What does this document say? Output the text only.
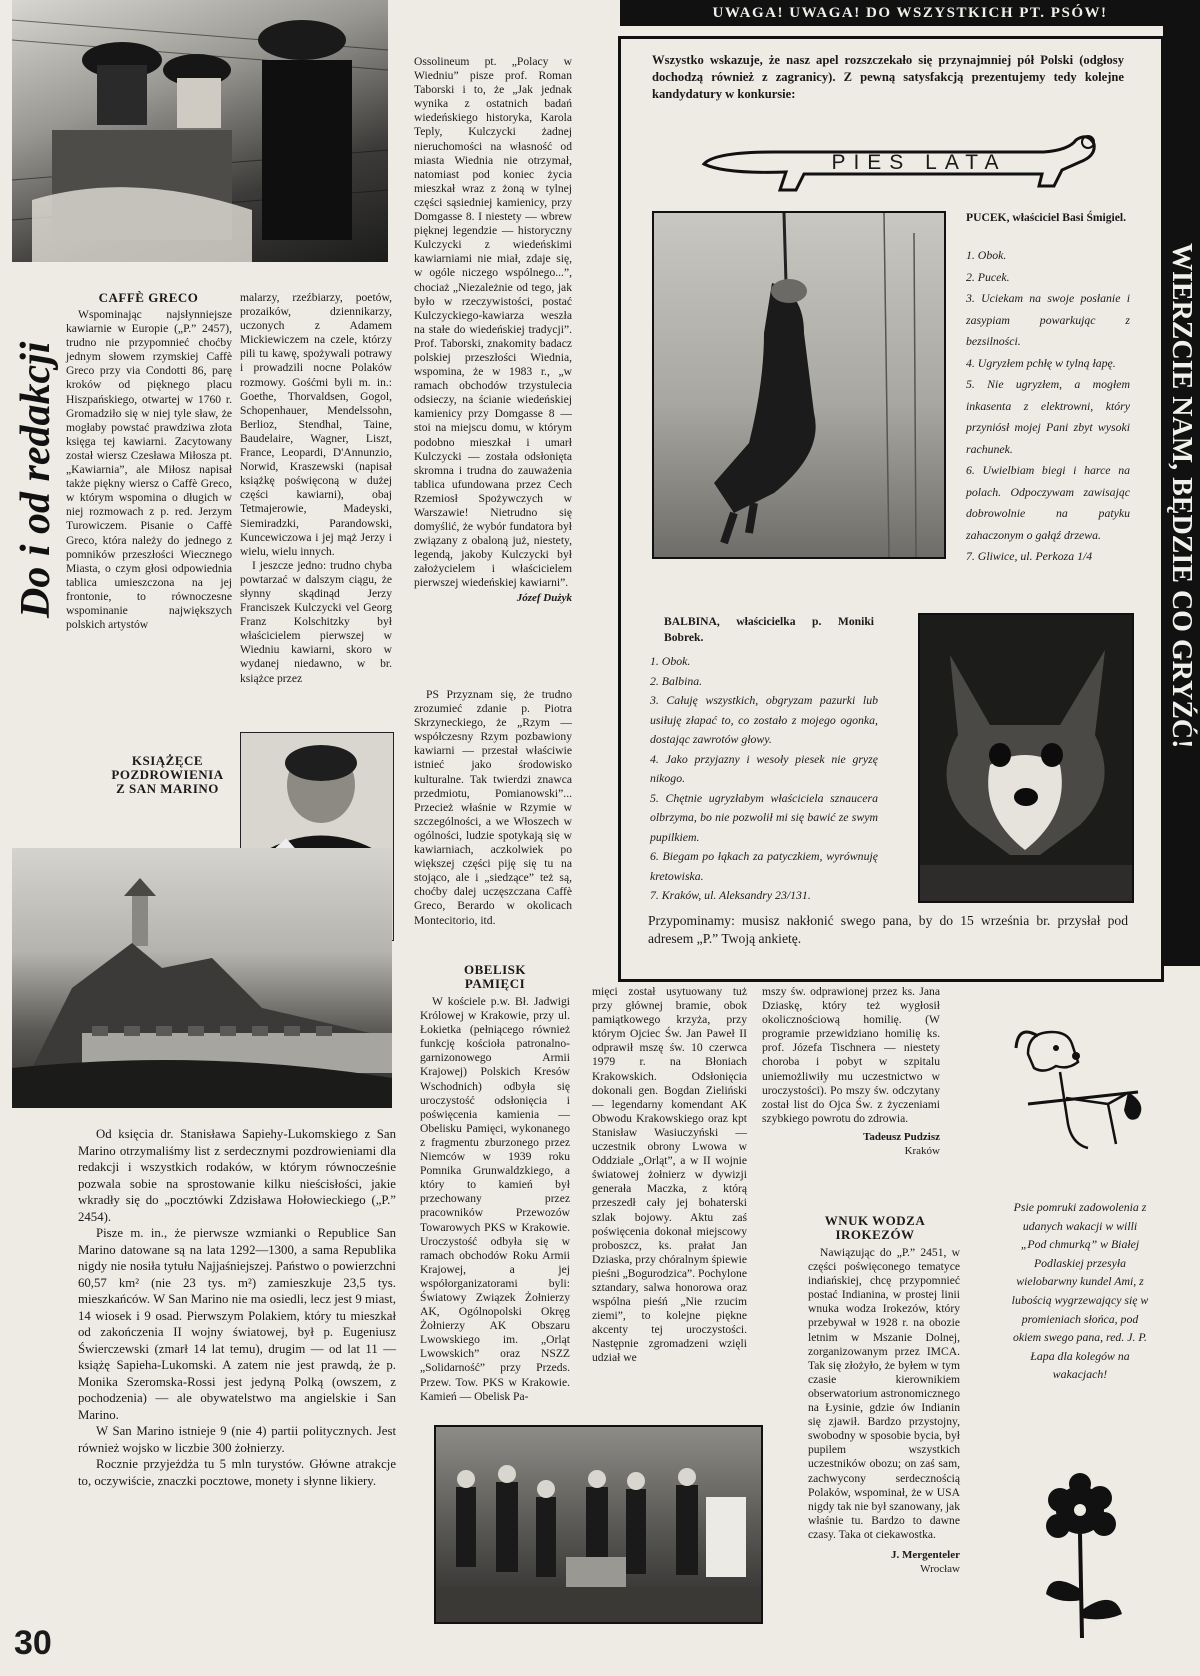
Do i od redakcji
CAFFÈ GRECO

Wspominając najsłynniejsze kawiarnie w Europie („P.” 2457), trudno nie przypomnieć choćby jednym słowem rzymskiej Caffè Greco przy via Condotti 86, parę kroków od pięknego placu Hiszpańskiego, otwartej w 1760 r. Gromadziło się w niej tyle sław, że mogłaby powstać prawdziwa złota księga tej kawiarni. Zacytowany został wiersz Czesława Miłosza pt. „Kawiarnia”, ale Miłosz napisał także piękny wiersz o Caffè Greco, w którym wspomina o długich w niej rozmowach z p. red. Jerzym Turowiczem. Pisanie o Caffè Greco, która należy do jednego z pomników przeszłości Wiecznego Miasta, o czym głosi odpowiednia tablica umieszczona na jej frontonie, to równoczesne wspominanie największych polskich artystów

malarzy, rzeźbiarzy, poetów, prozaików, dziennikarzy, uczonych z Adamem Mickiewiczem na czele, którzy pili tu kawę, spożywali potrawy i prowadzili nocne Polaków rozmowy. Gośćmi byli m. in.: Goethe, Thorvaldsen, Gogol, Schopenhauer, Mendelssohn, Berlioz, Stendhal, Taine, Baudelaire, Wagner, Liszt, France, Leopardi, D'Annunzio, Norwid, Kraszewski (napisał książkę poświęconą w dużej części kawiarni), obaj Tetmajerowie, Madeyski, Siemiradzki, Parandowski, Kuncewiczowa i jej mąż Jerzy i wielu, wielu innych.

I jeszcze jedno: trudno chyba powtarzać w dalszym ciągu, że słynny skądinąd Jerzy Franciszek Kulczycki vel Georg Franz Kolschitzky był właścicielem pierwszej w Wiedniu kawiarni, skoro w wydanej niedawno, w br. książce przez

Ossolineum pt. „Polacy w Wiedniu” pisze prof. Roman Taborski i to, że „Jak jednak wynika z ostatnich badań wiedeńskiego historyka, Karola Teply, Kulczycki żadnej nieruchomości na własność od miasta Wiednia nie otrzymał, natomiast pod koniec życia mieszkał wraz z żoną w tylnej części sąsiedniej kamienicy, przy Domgasse 8. I niestety — wbrew pięknej legendzie — historyczny Kulczycki z wiedeńskimi kawiarniami nie miał, zdaje się, w ogóle niczego wspólnego...”, chociaż „Niezależnie od tego, jak było w rzeczywistości, postać Kulczyckiego-kawiarza weszła na stałe do wiedeńskiej tradycji”. Prof. Taborski, znakomity badacz polskiej przeszłości Wiednia, wspomina, że w 1983 r., „w ramach obchodów trzystulecia odsieczy, na ścianie wiedeńskiej kamienicy przy Domgasse 8 — stoi na miejscu domu, w którym podobno mieszkał i umarł Kulczycki — została odsłonięta skromna i trudna do zauważenia tablica ufundowana przez Cech Rzemiosł Spożywczych w Warszawie! Nietrudno się domyślić, że wybór fundatora był związany z obaloną już, niestety, legendą, jakoby Kulczycki był założycielem i właścicielem pierwszej wiedeńskiej kawiarni”.

Józef Dużyk

PS Przyznam się, że trudno zrozumieć zdanie p. Piotra Skrzyneckiego, że „Rzym — współczesny Rzym pozbawiony kawiarni — przestał właściwie istnieć jako środowisko kulturalne. Tak twierdzi znawca przedmiotu, Pomianowski”... Przecież właśnie w Rzymie w szczególności, a we Włoszech w ogólności, ludzie spotykają się w kawiarniach, aczkolwiek po większej części piję się tu na stojąco, ale i „siedzące” też są, choćby dalej uczęszczana Caffè Greco, Berardo w okolicach Montecitorio, itd.

KSIĄŻĘCE
POZDROWIENIA
Z SAN MARINO

Od księcia dr. Stanisława Sapiehy-Lukomskiego z San Marino otrzymaliśmy list z serdecznymi pozdrowieniami dla redakcji i wszystkich rodaków, w którym równocześnie pozwala sobie na sprostowanie kilku nieścisłości, jakie wkradły się do „pocztówki Zdzisława Hołowieckiego („P.” 2454).

Pisze m. in., że pierwsze wzmianki o Republice San Marino datowane są na lata 1292—1300, a sama Republika nigdy nie nosiła tytułu Najjaśniejszej. Państwo o powierzchni 60,57 km² (nie 23 tys. m²) zamieszkuje 23,5 tys. mieszkańców. W San Marino nie ma osiedli, lecz jest 9 miast, 14 wiosek i 9 osad. Pierwszym Polakiem, który tu mieszkał od zakończenia II wojny światowej, był p. Eugeniusz Świerczewski (zmarł 14 lat temu), drugim — od lat 11 — książę Sapieha-Lukomski. A zatem nie jest prawdą, że p. Monika Szeromska-Rossi jest jedyną Polką (owszem, z pochodzenia) — ale obywatelstwo ma angielskie i San Marino.

W San Marino istnieje 9 (nie 4) partii politycznych. Jest również wojsko w liczbie 300 żołnierzy.

Rocznie przyjeżdża tu 5 mln turystów. Główne atrakcje to, oczywiście, znaczki pocztowe, monety i słynne likiery.

30
OBELISK
PAMIĘCI

W kościele p.w. Bł. Jadwigi Królowej w Krakowie, przy ul. Łokietka (pełniącego również funkcję kościoła patronalno-garnizonowego Armii Krajowej) Polskich Kresów Wschodnich) odbyła się uroczystość odsłonięcia i poświęcenia kamienia — Obelisku Pamięci, wykonanego z fragmentu zburzonego przez Niemców w 1939 roku Pomnika Grunwaldzkiego, a który to kamień był przechowany przez pracowników Przewozów Towarowych PKS w Krakowie. Uroczystość odbyła się w ramach obchodów Roku Armii Krajowej, a jej współorganizatorami byli: Światowy Związek Żołnierzy AK, Ogólnopolski Okręg Żołnierzy AK Obszaru Lwowskiego im. „Orląt Lwowskich” oraz NSZZ „Solidarność” przy Przeds. Przew. Tow. PKS w Krakowie. Kamień — Obelisk Pa-

mięci został usytuowany tuż przy głównej bramie, obok pamiątkowego krzyża, przy którym Ojciec Św. Jan Paweł II odprawił mszę św. 10 czerwca 1979 r. na Błoniach Krakowskich. Odsłonięcia dokonali gen. Bogdan Zieliński — legendarny komendant AK Obwodu Krakowskiego oraz kpt Stanisław Wasiuczyński — uczestnik obrony Lwowa w Oddziale „Orląt”, a w II wojnie światowej żołnierz w dywizji generała Maczka, z którą przeszedł cały jej bohaterski szlak bojowy. Aktu zaś poświęcenia dokonał miejscowy proboszcz, ks. prałat Jan Dziaska, przy chóralnym śpiewie pieśni „Bogurodzica”. Pochylone sztandary, salwa honorowa oraz wspólna pieśń „Nie rzucim ziemi”, to kolejne piękne akcenty tej uroczystości. Następnie zgromadzeni wzięli udział we

mszy św. odprawionej przez ks. Jana Dziaskę, który też wygłosił okolicznościową homilię. (W programie przewidziano homilię ks. prof. Józefa Tischnera — niestety choroba i pobyt w szpitalu uniemożliwiły mu uczestnictwo w uroczystości). Po mszy św. odczytany został list do Ojca Św. z życzeniami szybkiego powrotu do zdrowia.

Tadeusz Pudzisz
Kraków
WNUK WODZA
IROKEZÓW

Nawiązując do „P.” 2451, w części poświęconego tematyce indiańskiej, chcę przypomnieć postać Indianina, w prostej linii wnuka wodza Irokezów, który przebywał w 1928 r. na obozie letnim w Mszanie Dolnej, zorganizowanym przez IMCA. Tak się złożyło, że byłem w tym czasie kierownikiem obserwatorium astronomicznego na Łysinie, gdzie ów Indianin się zjawił. Bardzo przystojny, swobodny w sposobie bycia, był pupilem wszystkich uczestników obozu; on zaś sam, zachwycony serdecznością Polaków, wspominał, że w USA nigdy tak nie był szanowany, jak właśnie tu. Bardzo to dawne czasy. Taka ot ciekawostka.

J. Mergenteler
Wrocław
UWAGA! UWAGA! DO WSZYSTKICH PT. PSÓW!
WIERZCIE NAM, BĘDZIE CO GRYŹĆ!
Wszystko wskazuje, że nasz apel rozszczekało się przynajmniej pół Polski (odgłosy dochodzą również z zagranicy). Z pewną satysfakcją prezentujemy tedy kolejne kandydatury w konkursie:
PIES LATA
PUCEK, właściciel Basi Śmigiel.
1. Obok.
2. Pucek.
3. Uciekam na swoje posłanie i zasypiam powarkując z bezsilności.
4. Ugryzłem pchłę w tylną łapę.
5. Nie ugryzłem, a mogłem inkasenta z elektrowni, który przyniósł mojej Pani zbyt wysoki rachunek.
6. Uwielbiam biegi i harce na polach. Odpoczywam zawisając dobrowolnie na patyku zahaczonym o gałąź drzewa.
7. Gliwice, ul. Perkoza 1/4
BALBINA, właścicielka p. Moniki Bobrek.
1. Obok.
2. Balbina.
3. Całuję wszystkich, obgryzam pazurki lub usiłuję złapać to, co zostało z mojego ogonka, dostając zawrotów głowy.
4. Jako przyjazny i wesoły piesek nie gryzę nikogo.
5. Chętnie ugryzłabym właściciela sznaucera olbrzyma, bo nie pozwolił mi się bawić ze swym pupilkiem.
6. Biegam po łąkach za patyczkiem, wyrównuję kretowiska.
7. Kraków, ul. Aleksandry 23/131.
Przypominamy: musisz nakłonić swego pana, by do 15 września br. przysłał pod adresem „P.” Twoją ankietę.
Psie pomruki zadowolenia z udanych wakacji w willi „Pod chmurką” w Białej Podlaskiej przesyła wielobarwny kundel Ami, z lubością wygrzewający się w promieniach słońca, pod okiem swego pana, red. J. P. Łapa dla kolegów na wakacjach!
